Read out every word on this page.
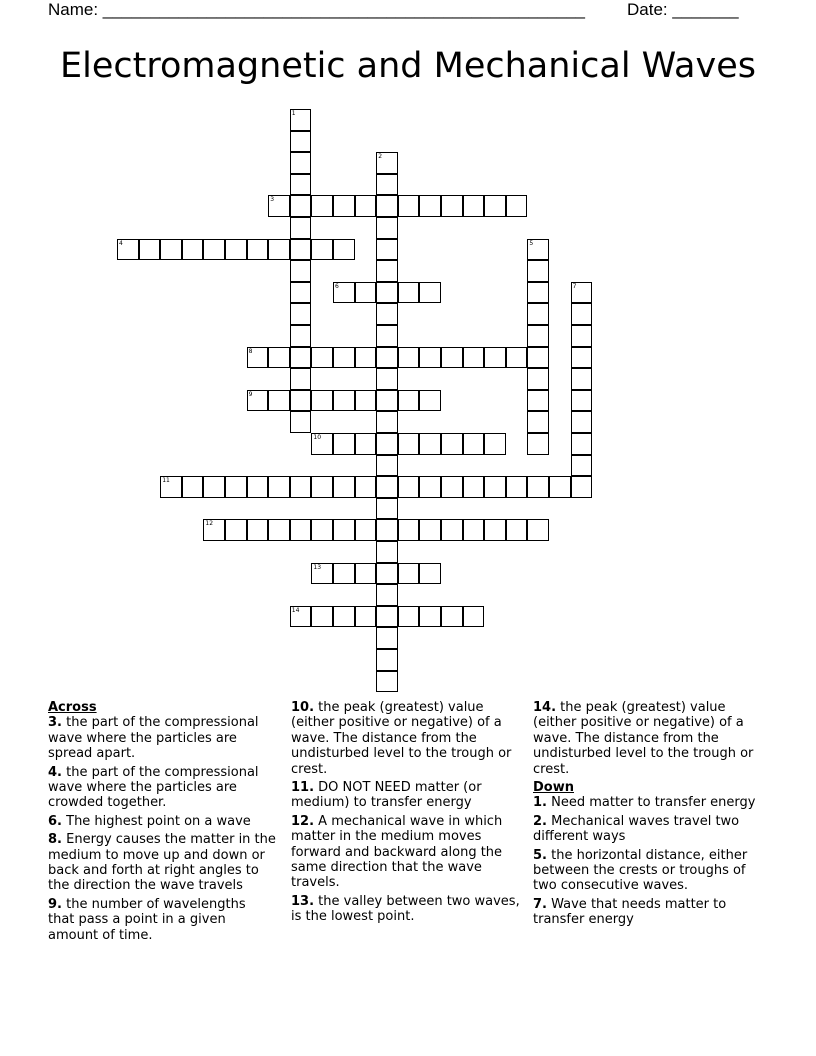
Name: ___________________________________________________ Date: _______
Electromagnetic and Mechanical Waves
1
2
3
4	5
6	7
8
9
10
11
12
13
14
Across
3. the part of the compressional wave where the particles are spread apart.
4. the part of the compressional wave where the particles are crowded together.
6. The highest point on a wave
8. Energy causes the matter in the medium to move up and down or back and forth at right angles to the direction the wave travels
9. the number of wavelengths that pass a point in a given amount of time.
10. the peak (greatest) value (either positive or negative) of a wave. The distance from the undisturbed level to the trough or crest.
11. DO NOT NEED matter (or medium) to transfer energy
12. A mechanical wave in which matter in the medium moves forward and backward along the same direction that the wave travels.
13. the valley between two waves, is the lowest point.
14. the peak (greatest) value (either positive or negative) of a wave. The distance from the undisturbed level to the trough or crest.
Down
1. Need matter to transfer energy
2. Mechanical waves travel two different ways
5. the horizontal distance, either between the crests or troughs of two consecutive waves.
7. Wave that needs matter to transfer energy
